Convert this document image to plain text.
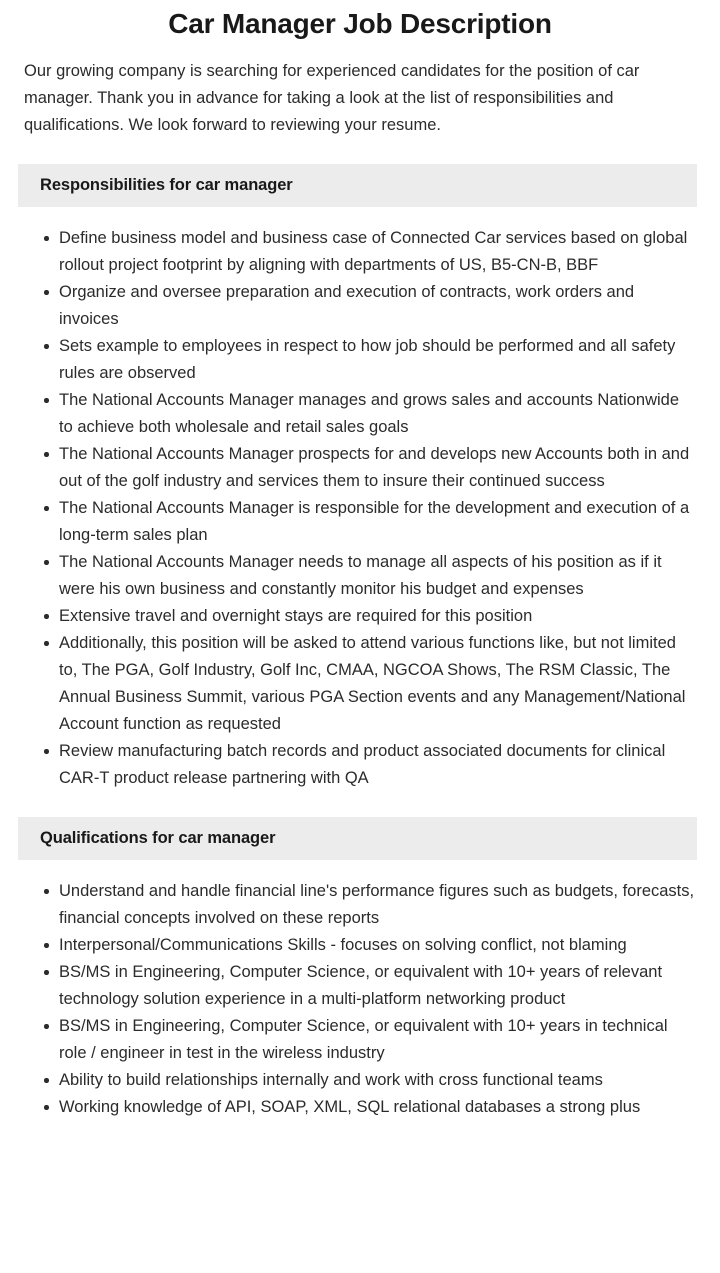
Car Manager Job Description

Our growing company is searching for experienced candidates for the position of car manager. Thank you in advance for taking a look at the list of responsibilities and qualifications. We look forward to reviewing your resume.

Responsibilities for car manager
Define business model and business case of Connected Car services based on global rollout project footprint by aligning with departments of US, B5-CN-B, BBF
Organize and oversee preparation and execution of contracts, work orders and invoices
Sets example to employees in respect to how job should be performed and all safety rules are observed
The National Accounts Manager manages and grows sales and accounts Nationwide to achieve both wholesale and retail sales goals
The National Accounts Manager prospects for and develops new Accounts both in and out of the golf industry and services them to insure their continued success
The National Accounts Manager is responsible for the development and execution of a long-term sales plan
The National Accounts Manager needs to manage all aspects of his position as if it were his own business and constantly monitor his budget and expenses
Extensive travel and overnight stays are required for this position
Additionally, this position will be asked to attend various functions like, but not limited to, The PGA, Golf Industry, Golf Inc, CMAA, NGCOA Shows, The RSM Classic, The Annual Business Summit, various PGA Section events and any Management/National Account function as requested
Review manufacturing batch records and product associated documents for clinical CAR-T product release partnering with QA
Qualifications for car manager
Understand and handle financial line's performance figures such as budgets, forecasts, financial concepts involved on these reports
Interpersonal/Communications Skills - focuses on solving conflict, not blaming
BS/MS in Engineering, Computer Science, or equivalent with 10+ years of relevant technology solution experience in a multi-platform networking product
BS/MS in Engineering, Computer Science, or equivalent with 10+ years in technical role / engineer in test in the wireless industry
Ability to build relationships internally and work with cross functional teams
Working knowledge of API, SOAP, XML, SQL relational databases a strong plus
